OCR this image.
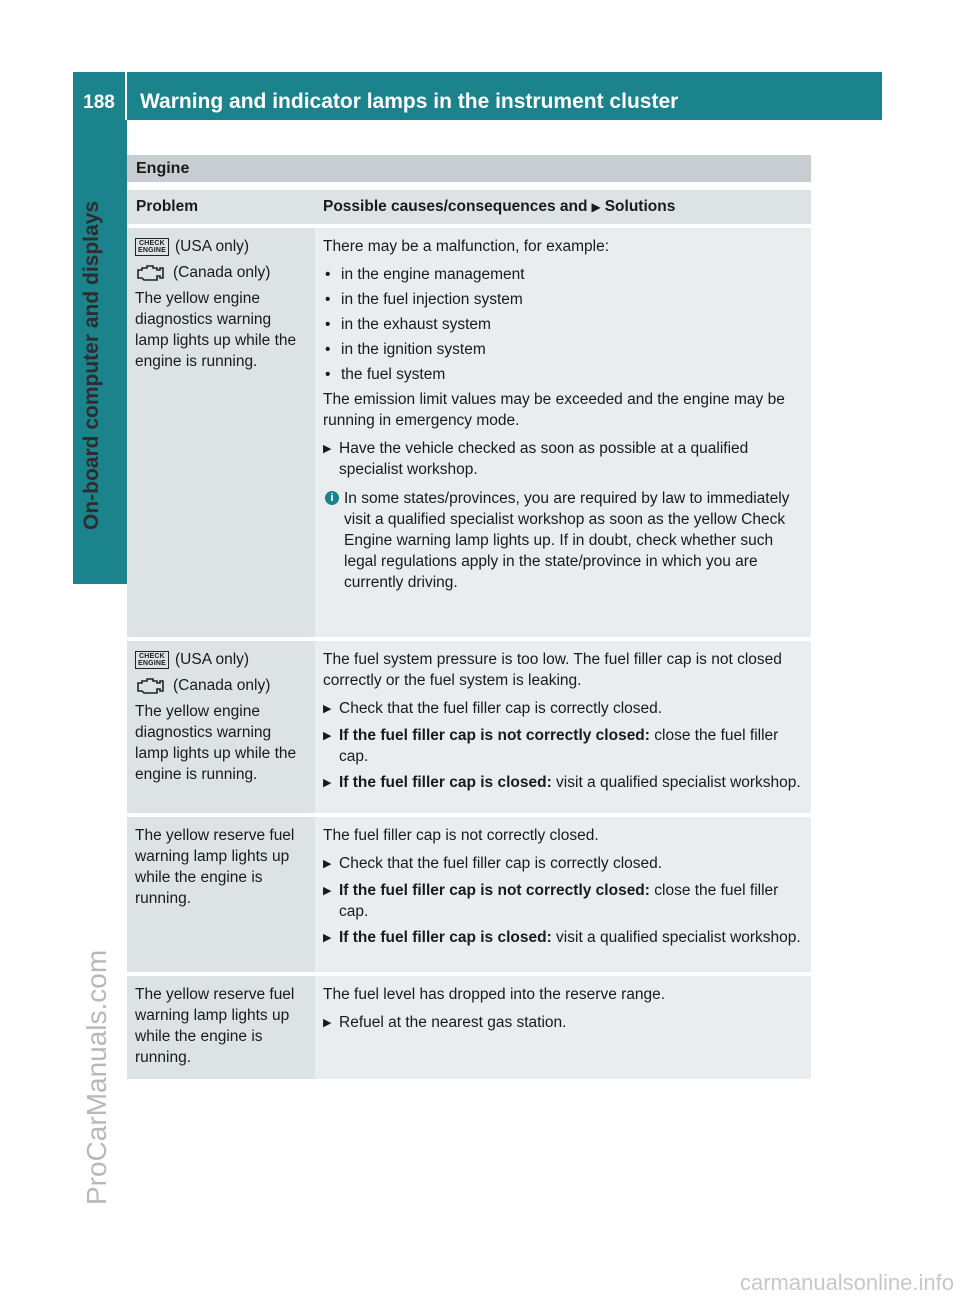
188	Warning and indicator lamps in the instrument cluster
On-board computer and displays
ProCarManuals.com
carmanualsonline.info
Engine
Problem	Possible causes/consequences and ▶ Solutions
CHECK
ENGINE (USA only)
(Canada only)
The yellow engine diagnostics warning lamp lights up while the engine is running.
There may be a malfunction, for example:
• in the engine management
• in the fuel injection system
• in the exhaust system
• in the ignition system
• the fuel system
The emission limit values may be exceeded and the engine may be running in emergency mode.
▶ Have the vehicle checked as soon as possible at a qualified specialist workshop.
i In some states/provinces, you are required by law to immediately visit a qualified specialist workshop as soon as the yellow Check Engine warning lamp lights up. If in doubt, check whether such legal regulations apply in the state/province in which you are currently driving.
CHECK
ENGINE (USA only)
(Canada only)
The yellow engine diagnostics warning lamp lights up while the engine is running.
The fuel system pressure is too low. The fuel filler cap is not closed correctly or the fuel system is leaking.
▶ Check that the fuel filler cap is correctly closed.
▶ If the fuel filler cap is not correctly closed: close the fuel filler cap.
▶ If the fuel filler cap is closed: visit a qualified specialist workshop.
The yellow reserve fuel warning lamp lights up while the engine is running.
The fuel filler cap is not correctly closed.
▶ Check that the fuel filler cap is correctly closed.
▶ If the fuel filler cap is not correctly closed: close the fuel filler cap.
▶ If the fuel filler cap is closed: visit a qualified specialist workshop.
The yellow reserve fuel warning lamp lights up while the engine is running.
The fuel level has dropped into the reserve range.
▶ Refuel at the nearest gas station.
